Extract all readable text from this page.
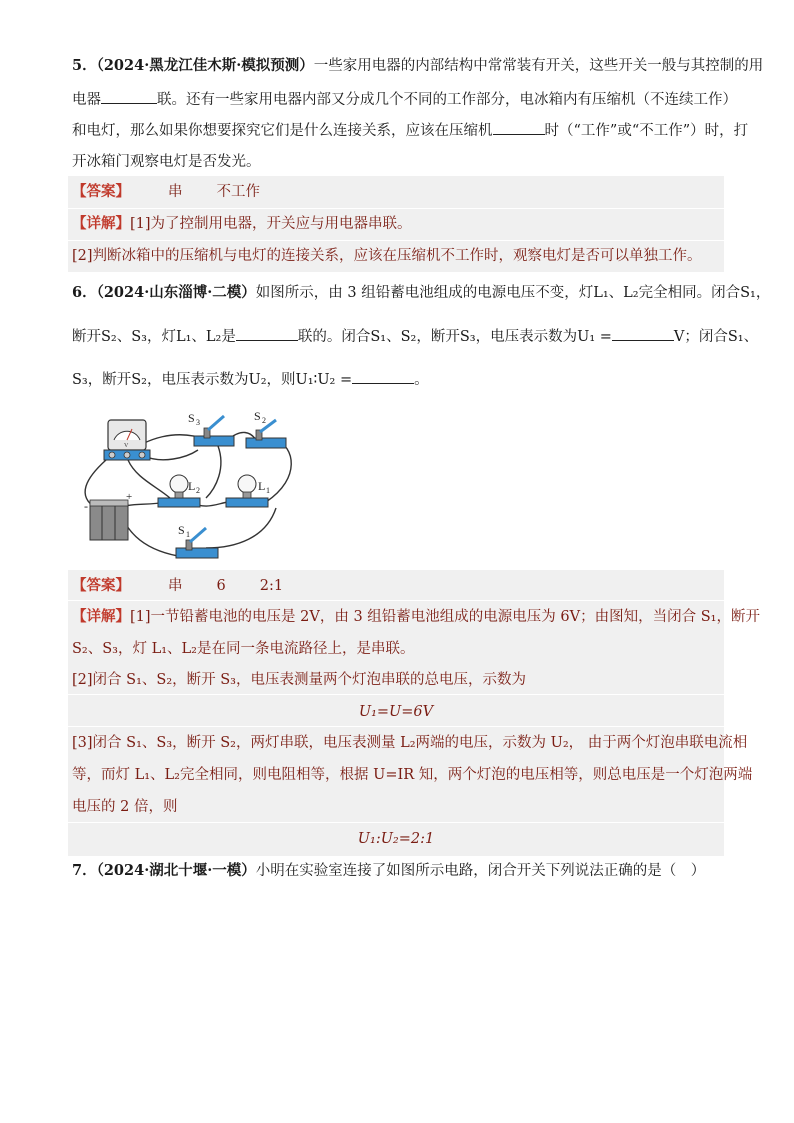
5．（2024·黑龙江佳木斯·模拟预测）一些家用电器的内部结构中常常装有开关，这些开关一般与其控制的用
电器	联。还有一些家用电器内部又分成几个不同的工作部分，电冰箱内有压缩机（不连续工作）
和电灯，那么如果你想要探究它们是什么连接关系，应该在压缩机	时（“工作”或“不工作”）时，打
开冰箱门观察电灯是否发光。
【答案】	串 不工作
【详解】[1]为了控制用电器，开关应与用电器串联。
[2]判断冰箱中的压缩机与电灯的连接关系，应该在压缩机不工作时，观察电灯是否可以单独工作。
6．（2024·山东淄博·二模）如图所示，由 3 组铅蓄电池组成的电源电压不变，灯L₁、L₂完全相同。闭合S₁，
断开S₂、S₃，灯L₁、L₂是	联的。闭合S₁、S₂，断开S₃，电压表示数为U₁ =	V；闭合S₁、
S₃，断开S₂，电压表示数为U₂，则U₁∶U₂ =	。
V
S 3	S 2
L 2	L 1
-
+
S 1
【答案】	串 6 2:1
【详解】[1]一节铅蓄电池的电压是 2V，由 3 组铅蓄电池组成的电源电压为 6V；由图知，当闭合 S₁，断开
S₂、S₃，灯 L₁、L₂是在同一条电流路径上，是串联。
[2]闭合 S₁、S₂，断开 S₃，电压表测量两个灯泡串联的总电压，示数为
U₁=U=6V
[3]闭合 S₁、S₃，断开 S₂，两灯串联，电压表测量 L₂两端的电压，示数为 U₂， 由于两个灯泡串联电流相
等，而灯 L₁、L₂完全相同，则电阻相等，根据 U=IR 知，两个灯泡的电压相等，则总电压是一个灯泡两端
电压的 2 倍，则
U₁:U₂=2:1
7．（2024·湖北十堰·一模）小明在实验室连接了如图所示电路，闭合开关下列说法正确的是（　）
